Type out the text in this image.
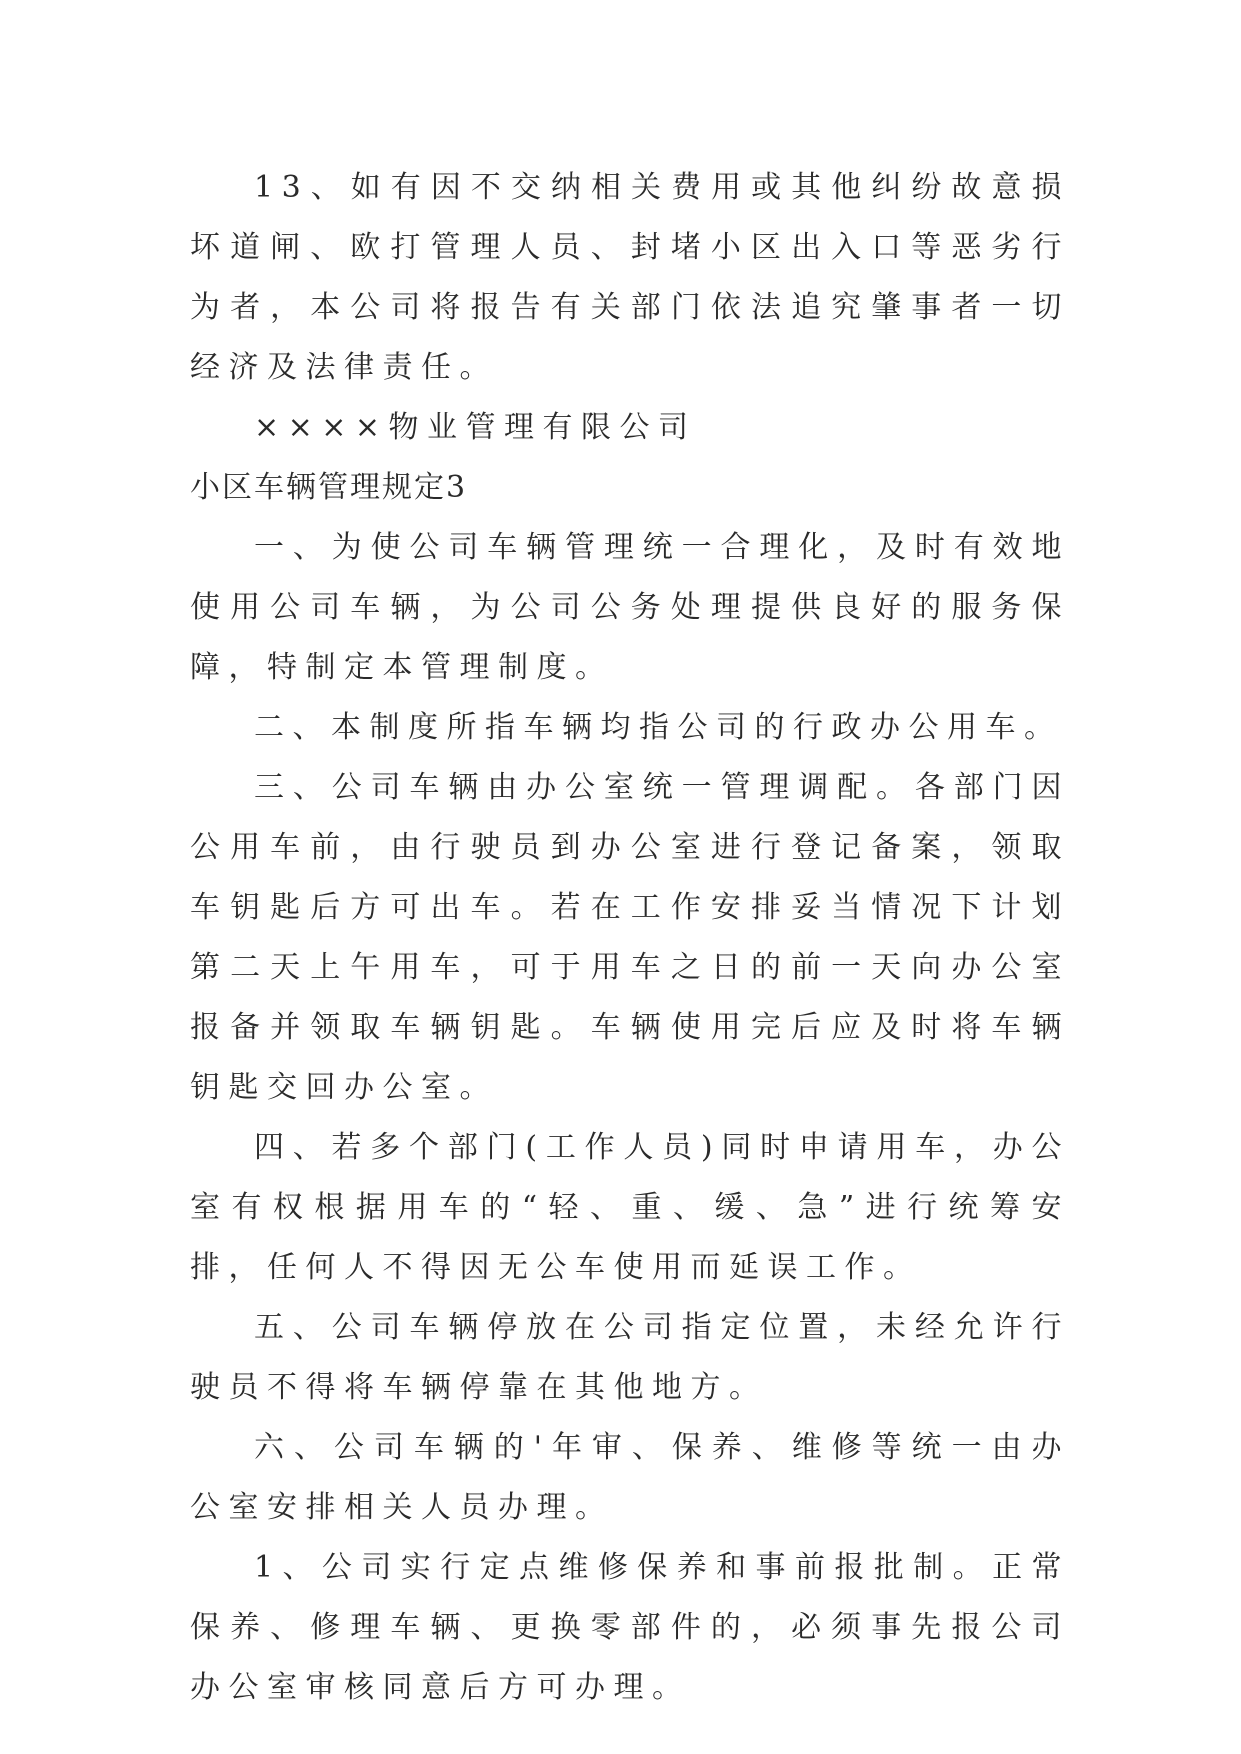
13、如有因不交纳相关费用或其他纠纷故意损坏道闸、欧打管理人员、封堵小区出入口等恶劣行为者，本公司将报告有关部门依法追究肇事者一切经济及法律责任。

××××物业管理有限公司

小区车辆管理规定3

一、为使公司车辆管理统一合理化，及时有效地使用公司车辆，为公司公务处理提供良好的服务保障，特制定本管理制度。

二、本制度所指车辆均指公司的行政办公用车。

三、公司车辆由办公室统一管理调配。各部门因公用车前，由行驶员到办公室进行登记备案，领取车钥匙后方可出车。若在工作安排妥当情况下计划第二天上午用车，可于用车之日的前一天向办公室报备并领取车辆钥匙。车辆使用完后应及时将车辆钥匙交回办公室。

四、若多个部门(工作人员)同时申请用车，办公室有权根据用车的“轻、重、缓、急”进行统筹安排，任何人不得因无公车使用而延误工作。

五、公司车辆停放在公司指定位置，未经允许行驶员不得将车辆停靠在其他地方。

六、公司车辆的'年审、保养、维修等统一由办公室安排相关人员办理。

1、公司实行定点维修保养和事前报批制。正常保养、修理车辆、更换零部件的，必须事先报公司办公室审核同意后方可办理。
